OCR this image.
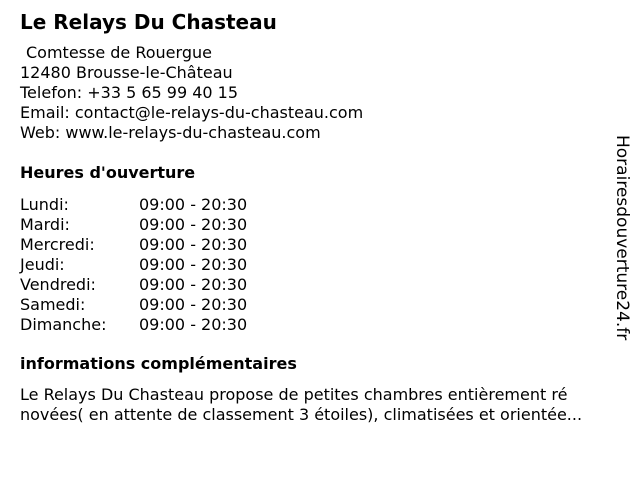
Le Relays Du Chasteau
Comtesse de Rouergue
12480 Brousse-le-Château
Telefon: +33 5 65 99 40 15
Email: contact@le-relays-du-chasteau.com
Web: www.le-relays-du-chasteau.com
Heures d'ouverture
Lundi:	09:00 - 20:30
Mardi:	09:00 - 20:30
Mercredi:	09:00 - 20:30
Jeudi:	09:00 - 20:30
Vendredi:	09:00 - 20:30
Samedi:	09:00 - 20:30
Dimanche:	09:00 - 20:30
informations complémentaires
Le Relays Du Chasteau propose de petites chambres entièrement ré
novées( en attente de classement 3 étoiles), climatisées et orientée...
Horairesdouverture24.fr
